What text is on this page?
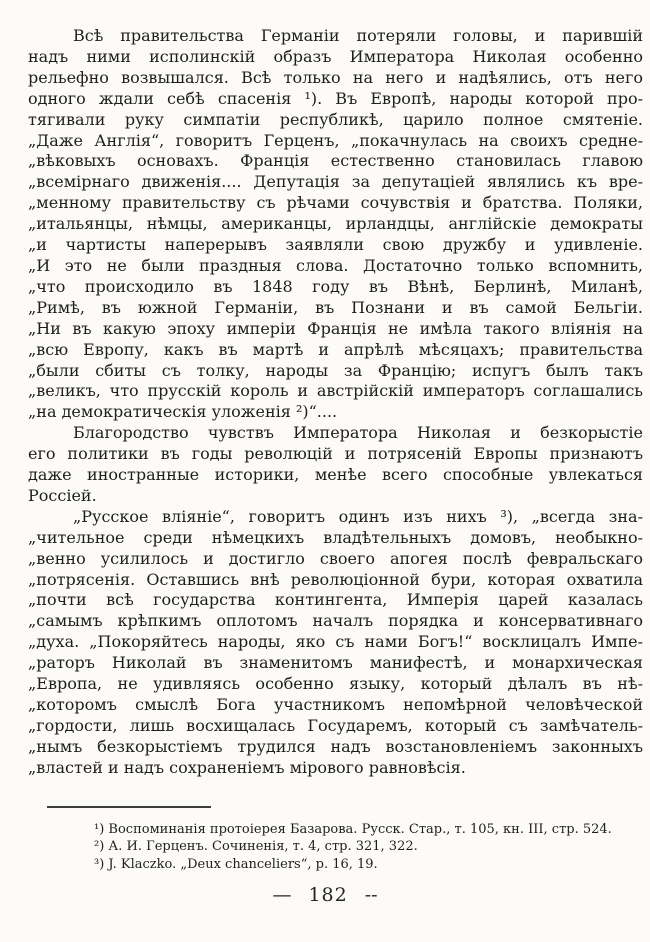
Всѣ правительства Германіи потеряли головы, и парившій
надъ ними исполинскій образъ Императора Николая особенно
рельефно возвышался. Всѣ только на него и надѣялись, отъ него
одного ждали себѣ спасенія ¹). Въ Европѣ, народы которой про-
тягивали руку симпатіи республикѣ, царило полное смятеніе.
„Даже Англія“, говоритъ Герценъ, „покачнулась на своихъ средне-
„вѣковыхъ основахъ. Франція естественно становилась главою
„всемірнаго движенія.... Депутація за депутаціей являлись къ вре-
„менному правительству съ рѣчами сочувствія и братства. Поляки,
„итальянцы, нѣмцы, американцы, ирландцы, англійскіе демократы
„и чартисты наперерывъ заявляли свою дружбу и удивленіе.
„И это не были праздныя слова. Достаточно только вспомнить,
„что происходило въ 1848 году въ Вѣнѣ, Берлинѣ, Миланѣ,
„Римѣ, въ южной Германіи, въ Познани и въ самой Бельгіи.
„Ни въ какую эпоху имперіи Франція не имѣла такого вліянія на
„всю Европу, какъ въ мартѣ и апрѣлѣ мѣсяцахъ; правительства
„были сбиты съ толку, народы за Францію; испугъ былъ такъ
„великъ, что прусскій король и австрійскій императоръ соглашались
„на демократическія уложенія ²)“....
Благородство чувствъ Императора Николая и безкорыстіе
его политики въ годы революцій и потрясеній Европы признаютъ
даже иностранные историки, менѣе всего способные увлекаться
Россіей.
„Русское вліяніе“, говоритъ одинъ изъ нихъ ³), „всегда зна-
„чительное среди нѣмецкихъ владѣтельныхъ домовъ, необыкно-
„венно усилилось и достигло своего апогея послѣ февральскаго
„потрясенія. Оставшись внѣ революціонной бури, которая охватила
„почти всѣ государства контингента, Имперія царей казалась
„самымъ крѣпкимъ оплотомъ началъ порядка и консервативнаго
„духа. „Покоряйтесь народы, яко съ нами Богъ!“ восклицалъ Импе-
„раторъ Николай въ знаменитомъ манифестѣ, и монархическая
„Европа, не удивляясь особенно языку, который дѣлалъ въ нѣ-
„которомъ смыслѣ Бога участникомъ непомѣрной человѣческой
„гордости, лишь восхищалась Государемъ, который съ замѣчатель-
„нымъ безкорыстіемъ трудился надъ возстановленіемъ законныхъ
„властей и надъ сохраненіемъ мірового равновѣсія.
¹) Воспоминанія протоіерея Базарова. Русск. Стар., т. 105, кн. III, стр. 524.
²) А. И. Герценъ. Сочиненія, т. 4, стр. 321, 322.
³) J. Klaczko. „Deux chanceliers“, p. 16, 19.
— 182 --
